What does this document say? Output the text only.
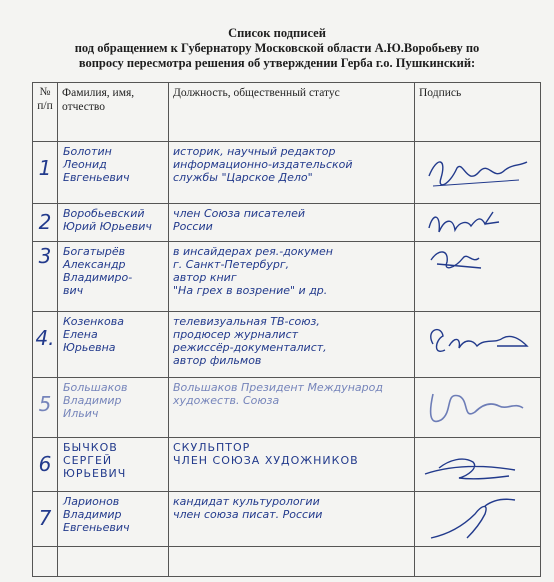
Список подписей
под обращением к Губернатору Московской области А.Ю.Воробьеву по
вопросу пересмотра решения об утверждении Герба г.о. Пушкинский:
№ п/п	Фамилия, имя, отчество	Должность, общественный статус	Подпись
1	Болотин
Леонид
Евгеньевич	историк, научный редактор
информационно-издательской
службы "Царское Дело"	

2	Воробьевский
Юрий Юрьевич	член Союза писателей
России	

3	Богатырёв
Александр
Владимиро-
вич	в инсайдерах рея.-докумен
г. Санкт-Петербург,
автор книг
"На грех в возрение" и др.	

4.	Козенкова
Елена
Юрьевна	телевизуальная ТВ-союз,
продюсер журналист
режиссёр-документалист,
автор фильмов	

5	Большаков
Владимир
Ильич	Вольшаков Президент Международ
художеств. Союза	

6	БЫЧКОВ
СЕРГЕЙ
ЮРЬЕВИЧ	СКУЛЬПТОР
ЧЛЕН СОЮЗА ХУДОЖНИКОВ	

7	Ларионов
Владимир
Евгеньевич	кандидат культурологии
член союза писат. России	
